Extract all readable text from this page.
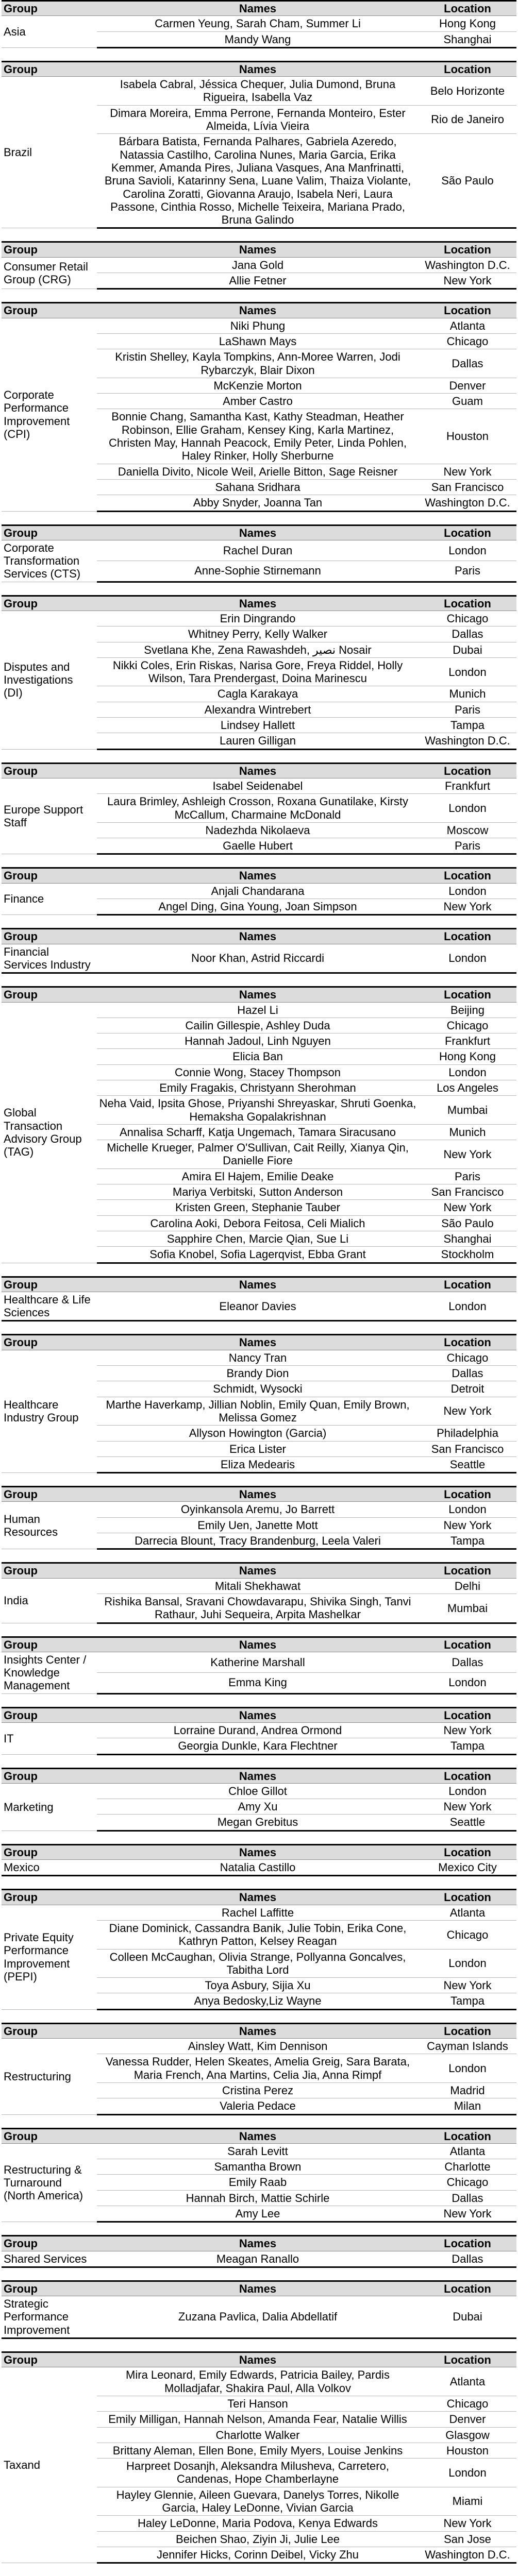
Group	Names	Location
Asia	Carmen Yeung, Sarah Cham, Summer Li	Hong Kong
	Mandy Wang	Shanghai
Group	Names	Location
Brazil	Isabela Cabral, Jéssica Chequer, Julia Dumond, Bruna Rigueira, Isabella Vaz	Belo Horizonte
	Dimara Moreira, Emma Perrone, Fernanda Monteiro, Ester Almeida, Lívia Vieira	Rio de Janeiro
	Bárbara Batista, Fernanda Palhares, Gabriela Azeredo, Natassia Castilho, Carolina Nunes, Maria Garcia, Erika Kemmer, Amanda Pires, Juliana Vasques, Ana Manfrinatti, Bruna Savioli, Katarinny Sena, Luane Valim, Thaiza Violante, Carolina Zoratti, Giovanna Araujo, Isabela Neri, Laura Passone, Cinthia Rosso, Michelle Teixeira, Mariana Prado, Bruna Galindo	São Paulo
Group	Names	Location
Consumer Retail Group (CRG)	Jana Gold	Washington D.C.
	Allie Fetner	New York
Group	Names	Location
Corporate Performance Improvement (CPI)	Niki Phung	Atlanta
	LaShawn Mays	Chicago
	Kristin Shelley, Kayla Tompkins, Ann-Moree Warren, Jodi Rybarczyk, Blair Dixon	Dallas
	McKenzie Morton	Denver
	Amber Castro	Guam
	Bonnie Chang, Samantha Kast, Kathy Steadman, Heather Robinson, Ellie Graham, Kensey King, Karla Martinez, Christen May, Hannah Peacock, Emily Peter, Linda Pohlen, Haley Rinker, Holly Sherburne	Houston
	Daniella Divito, Nicole Weil, Arielle Bitton, Sage Reisner	New York
	Sahana Sridhara	San Francisco
	Abby Snyder, Joanna Tan	Washington D.C.
Group	Names	Location
Corporate Transformation Services (CTS)	Rachel Duran	London
	Anne-Sophie Stirnemann	Paris
Group	Names	Location
Disputes and Investigations (DI)	Erin Dingrando	Chicago
	Whitney Perry, Kelly Walker	Dallas
	Svetlana Khe, Zena Rawashdeh, نصير Nosair	Dubai
	Nikki Coles, Erin Riskas, Narisa Gore, Freya Riddel, Holly Wilson, Tara Prendergast, Doina Marinescu	London
	Cagla Karakaya	Munich
	Alexandra Wintrebert	Paris
	Lindsey Hallett	Tampa
	Lauren Gilligan	Washington D.C.
Group	Names	Location
Europe Support Staff	Isabel Seidenabel	Frankfurt
	Laura Brimley, Ashleigh Crosson, Roxana Gunatilake, Kirsty McCallum, Charmaine McDonald	London
	Nadezhda Nikolaeva	Moscow
	Gaelle Hubert	Paris
Group	Names	Location
Finance	Anjali Chandarana	London
	Angel Ding, Gina Young, Joan Simpson	New York
Group	Names	Location
Financial Services Industry	Noor Khan, Astrid Riccardi	London
Group	Names	Location
Global Transaction Advisory Group (TAG)	Hazel Li	Beijing
	Cailin Gillespie, Ashley Duda	Chicago
	Hannah Jadoul, Linh Nguyen	Frankfurt
	Elicia Ban	Hong Kong
	Connie Wong, Stacey Thompson	London
	Emily Fragakis, Christyann Sherohman	Los Angeles
	Neha Vaid, Ipsita Ghose, Priyanshi Shreyaskar, Shruti Goenka, Hemaksha Gopalakrishnan	Mumbai
	Annalisa Scharff, Katja Ungemach, Tamara Siracusano	Munich
	Michelle Krueger, Palmer O'Sullivan, Cait Reilly, Xianya Qin, Danielle Fiore	New York
	Amira El Hajem, Emilie Deake	Paris
	Mariya Verbitski, Sutton Anderson	San Francisco
	Kristen Green, Stephanie Tauber	New York
	Carolina Aoki, Debora Feitosa, Celi Mialich	São Paulo
	Sapphire Chen, Marcie Qian, Sue Li	Shanghai
	Sofia Knobel, Sofia Lagerqvist, Ebba Grant	Stockholm
Group	Names	Location
Healthcare & Life Sciences	Eleanor Davies	London
Group	Names	Location
Healthcare Industry Group	Nancy Tran	Chicago
	Brandy Dion	Dallas
	Schmidt, Wysocki	Detroit
	Marthe Haverkamp, Jillian Noblin, Emily Quan, Emily Brown, Melissa Gomez	New York
	Allyson Howington (Garcia)	Philadelphia
	Erica Lister	San Francisco
	Eliza Medearis	Seattle
Group	Names	Location
Human Resources	Oyinkansola Aremu, Jo Barrett	London
	Emily Uen, Janette Mott	New York
	Darrecia Blount, Tracy Brandenburg, Leela Valeri	Tampa
Group	Names	Location
India	Mitali Shekhawat	Delhi
	Rishika Bansal, Sravani Chowdavarapu, Shivika Singh, Tanvi Rathaur, Juhi Sequeira, Arpita Mashelkar	Mumbai
Group	Names	Location
Insights Center / Knowledge Management	Katherine Marshall	Dallas
	Emma King	London
Group	Names	Location
IT	Lorraine Durand, Andrea Ormond	New York
	Georgia Dunkle, Kara Flechtner	Tampa
Group	Names	Location
Marketing	Chloe Gillot	London
	Amy Xu	New York
	Megan Grebitus	Seattle
Group	Names	Location
Mexico	Natalia Castillo	Mexico City
Group	Names	Location
Private Equity Performance Improvement (PEPI)	Rachel Laffitte	Atlanta
	Diane Dominick, Cassandra Banik, Julie Tobin, Erika Cone, Kathryn Patton, Kelsey Reagan	Chicago
	Colleen McCaughan, Olivia Strange, Pollyanna Goncalves, Tabitha Lord	London
	Toya Asbury, Sijia Xu	New York
	Anya Bedosky,Liz Wayne	Tampa
Group	Names	Location
Restructuring	Ainsley Watt, Kim Dennison	Cayman Islands
	Vanessa Rudder, Helen Skeates, Amelia Greig, Sara Barata, Maria French, Ana Martins, Celia Jia, Anna Rimpf	London
	Cristina Perez	Madrid
	Valeria Pedace	Milan
Group	Names	Location
Restructuring & Turnaround (North America)	Sarah Levitt	Atlanta
	Samantha Brown	Charlotte
	Emily Raab	Chicago
	Hannah Birch, Mattie Schirle	Dallas
	Amy Lee	New York
Group	Names	Location
Shared Services	Meagan Ranallo	Dallas
Group	Names	Location
Strategic Performance Improvement	Zuzana Pavlica, Dalia Abdellatif	Dubai
Group	Names	Location
Taxand	Mira Leonard, Emily Edwards, Patricia Bailey, Pardis Molladjafar, Shakira Paul, Alla Volkov	Atlanta
	Teri Hanson	Chicago
	Emily Milligan, Hannah Nelson, Amanda Fear, Natalie Willis	Denver
	Charlotte Walker	Glasgow
	Brittany Aleman, Ellen Bone, Emily Myers, Louise Jenkins	Houston
	Harpreet Dosanjh, Aleksandra Milusheva, Carretero, Candenas, Hope Chamberlayne	London
	Hayley Glennie, Aileen Guevara, Danelys Torres, Nikolle Garcia, Haley LeDonne, Vivian Garcia	Miami
	Haley LeDonne, Maria Podova, Kenya Edwards	New York
	Beichen Shao, Ziyin Ji, Julie Lee	San Jose
	Jennifer Hicks, Corinn Deibel, Vicky Zhu	Washington D.C.
